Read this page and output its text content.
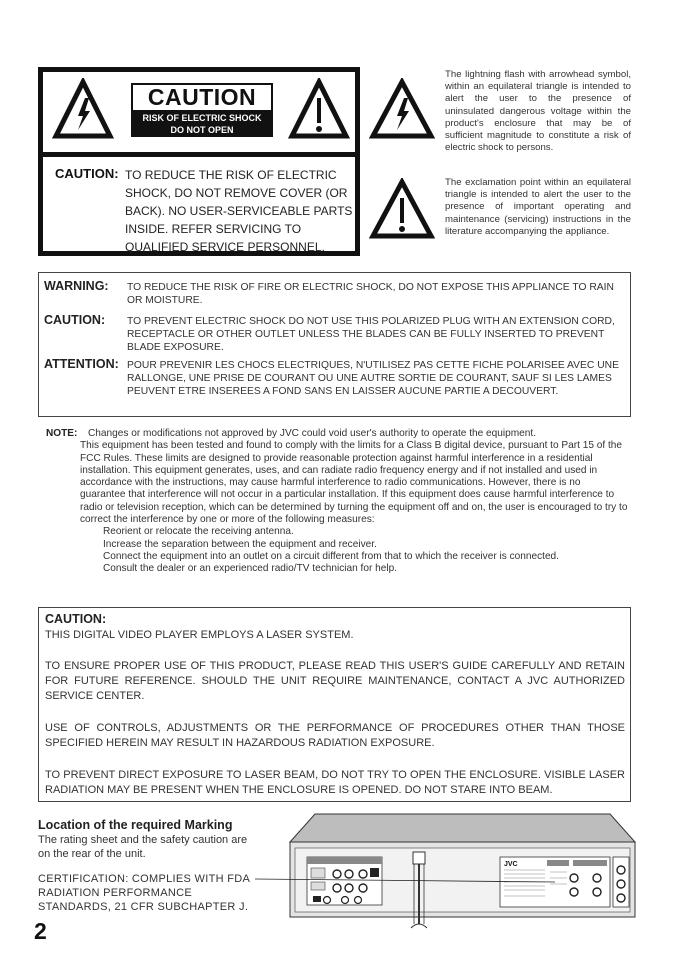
CAUTION
RISK OF ELECTRIC SHOCK
DO NOT OPEN
CAUTION: TO REDUCE THE RISK OF ELECTRIC SHOCK, DO NOT REMOVE COVER (OR BACK). NO USER-SERVICEABLE PARTS INSIDE. REFER SERVICING TO QUALIFIED SERVICE PERSONNEL.
The lightning flash with arrowhead symbol, within an equilateral triangle is intended to alert the user to the presence of uninsulated dangerous voltage within the product's enclosure that may be of sufficient magnitude to constitute a risk of electric shock to persons.
The exclamation point within an equilateral triangle is intended to alert the user to the presence of important operating and maintenance (servicing) instructions in the literature accompanying the appliance.
WARNING: TO REDUCE THE RISK OF FIRE OR ELECTRIC SHOCK, DO NOT EXPOSE THIS APPLIANCE TO RAIN OR MOISTURE.
CAUTION: TO PREVENT ELECTRIC SHOCK DO NOT USE THIS POLARIZED PLUG WITH AN EXTENSION CORD, RECEPTACLE OR OTHER OUTLET UNLESS THE BLADES CAN BE FULLY INSERTED TO PREVENT BLADE EXPOSURE.
ATTENTION: POUR PREVENIR LES CHOCS ELECTRIQUES, N'UTILISEZ PAS CETTE FICHE POLARISEE AVEC UNE RALLONGE, UNE PRISE DE COURANT OU UNE AUTRE SORTIE DE COURANT, SAUF SI LES LAMES PEUVENT ETRE INSEREES A FOND SANS EN LAISSER AUCUNE PARTIE A DECOUVERT.
NOTE: Changes or modifications not approved by JVC could void user's authority to operate the equipment.

This equipment has been tested and found to comply with the limits for a Class B digital device, pursuant to Part 15 of the FCC Rules. These limits are designed to provide reasonable protection against harmful interference in a residential installation. This equipment generates, uses, and can radiate radio frequency energy and if not installed and used in accordance with the instructions, may cause harmful interference to radio communications. However, there is no guarantee that interference will not occur in a particular installation. If this equipment does cause harmful interference to radio or television reception, which can be determined by turning the equipment off and on, the user is encouraged to try to correct the interference by one or more of the following measures:

Reorient or relocate the receiving antenna.

Increase the separation between the equipment and receiver.

Connect the equipment into an outlet on a circuit different from that to which the receiver is connected.

Consult the dealer or an experienced radio/TV technician for help.

CAUTION:
THIS DIGITAL VIDEO PLAYER EMPLOYS A LASER SYSTEM.
TO ENSURE PROPER USE OF THIS PRODUCT, PLEASE READ THIS USER'S GUIDE CAREFULLY AND RETAIN FOR FUTURE REFERENCE. SHOULD THE UNIT REQUIRE MAINTENANCE, CONTACT A JVC AUTHORIZED SERVICE CENTER.
USE OF CONTROLS, ADJUSTMENTS OR THE PERFORMANCE OF PROCEDURES OTHER THAN THOSE SPECIFIED HEREIN MAY RESULT IN HAZARDOUS RADIATION EXPOSURE.
TO PREVENT DIRECT EXPOSURE TO LASER BEAM, DO NOT TRY TO OPEN THE ENCLOSURE. VISIBLE LASER RADIATION MAY BE PRESENT WHEN THE ENCLOSURE IS OPENED. DO NOT STARE INTO BEAM.
Location of the required Marking
The rating sheet and the safety caution are on the rear of the unit.
CERTIFICATION: COMPLIES WITH FDA RADIATION PERFORMANCE STANDARDS, 21 CFR SUBCHAPTER J.
JVC
2
